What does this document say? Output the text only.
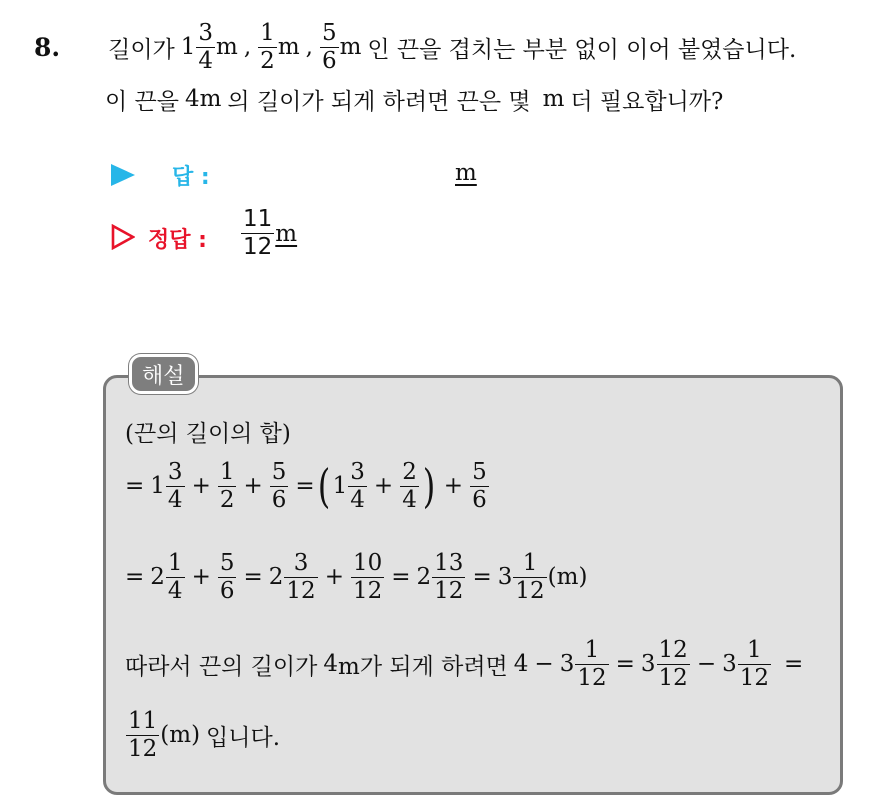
8. 길이가 $1 \frac{3}{4}$ m , $\frac{1}{2}$ m , $\frac{5}{6}$ m 인 끈을 겹치는 부분 없이 이어 붙였습니다.
이 끈을 4 m 의 길이가 되게 하려면 끈은 몇 m 더 필요합니까?
답 :	m
정답 : $\frac{11}{12}$ m
해설
(끈의 길이의 합)
= $1 \frac{3}{4} + \frac{1}{2} + \frac{5}{6}$ = ( $1 \frac{3}{4} + \frac{2}{4}$ ) + $\frac{5}{6}$
= $2 \frac{1}{4} + \frac{5}{6} = 2 \frac{3}{12} + \frac{10}{12} = 2 \frac{13}{12} = 3 \frac{1}{12} (m)$
따라서 끈의 길이가 4 m가 되게 하려면 $4 - 3 \frac{1}{12} = 3 \frac{12}{12} - 3 \frac{1}{12}$ =
$\frac{11}{12} (m)$ 입니다.
